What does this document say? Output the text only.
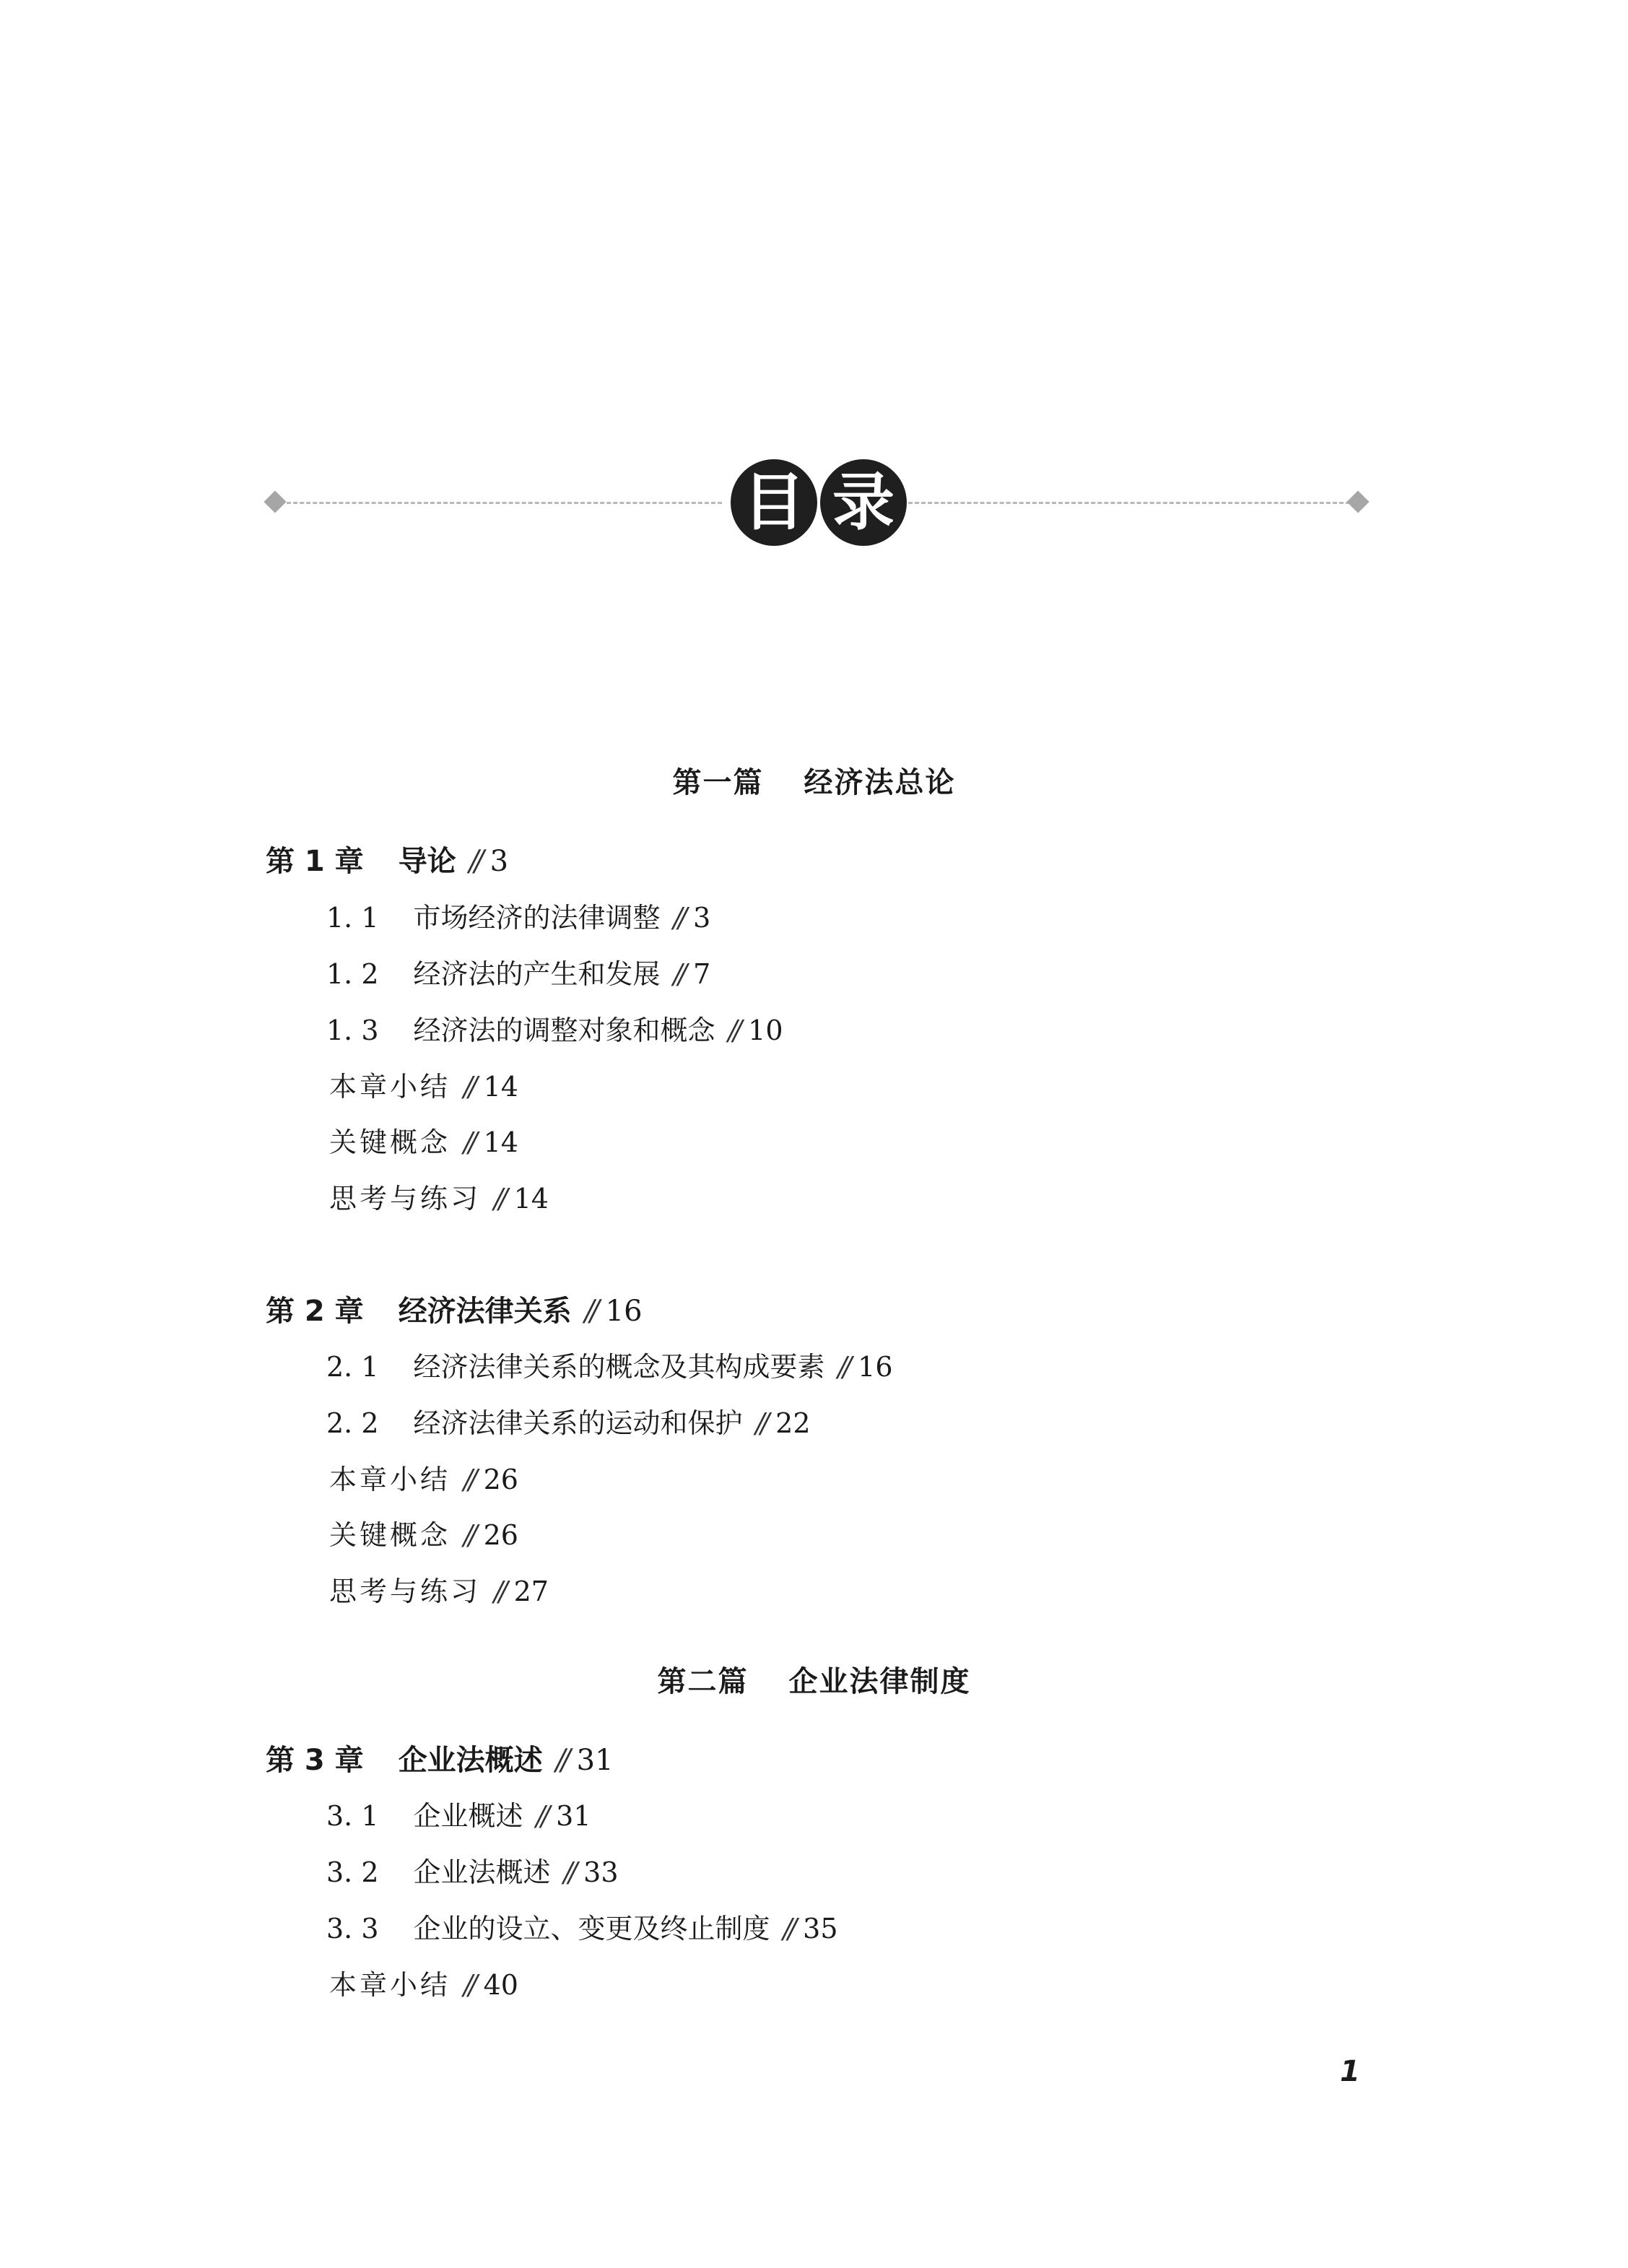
目 录
第一篇 经济法总论
第 1 章 导论 // 3
1. 1 市场经济的法律调整 // 3
1. 2 经济法的产生和发展 // 7
1. 3 经济法的调整对象和概念 // 10
本章小结 // 14
关键概念 // 14
思考与练习 // 14
第 2 章 经济法律关系 // 16
2. 1 经济法律关系的概念及其构成要素 // 16
2. 2 经济法律关系的运动和保护 // 22
本章小结 // 26
关键概念 // 26
思考与练习 // 27
第二篇 企业法律制度
第 3 章 企业法概述 // 31
3. 1 企业概述 // 31
3. 2 企业法概述 // 33
3. 3 企业的设立、变更及终止制度 // 35
本章小结 // 40
1
